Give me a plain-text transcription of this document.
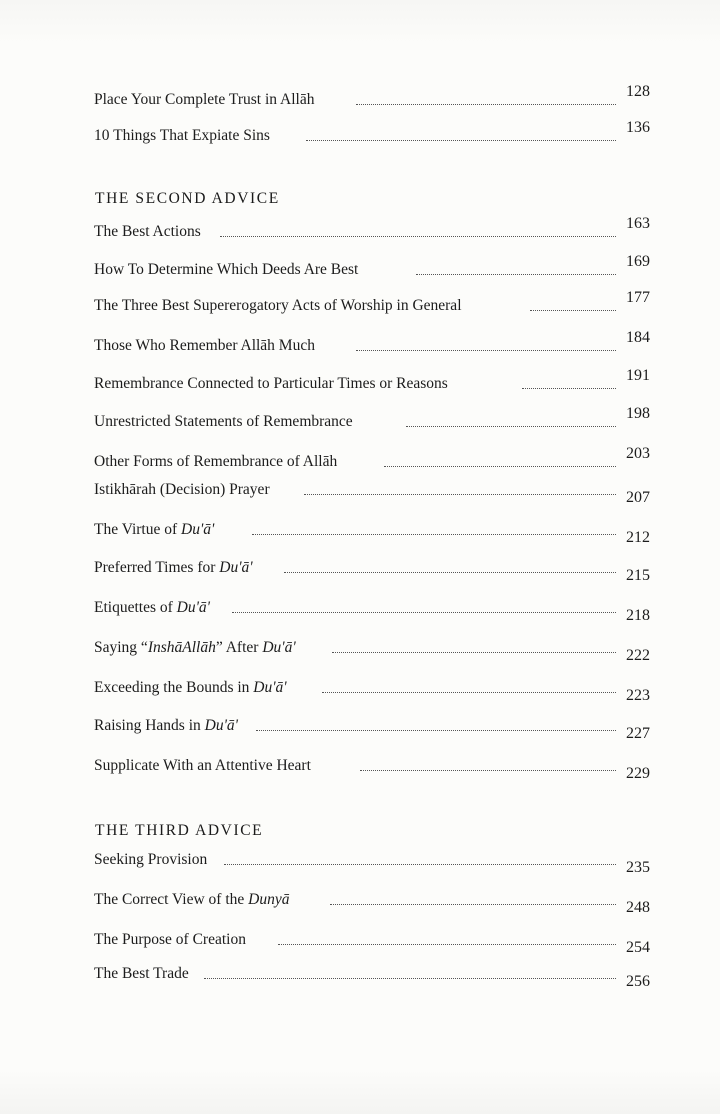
Place Your Complete Trust in Allāh	128
10 Things That Expiate Sins	136
THE SECOND ADVICE
The Best Actions	163
How To Determine Which Deeds Are Best	169
The Three Best Supererogatory Acts of Worship in General	177
Those Who Remember Allāh Much	184
Remembrance Connected to Particular Times or Reasons	191
Unrestricted Statements of Remembrance	198
Other Forms of Remembrance of Allāh	203
Istikhārah (Decision) Prayer	207
The Virtue of Du'ā'	212
Preferred Times for Du'ā'	215
Etiquettes of Du'ā'	218
Saying “InshāAllāh” After Du'ā'	222
Exceeding the Bounds in Du'ā'	223
Raising Hands in Du'ā'	227
Supplicate With an Attentive Heart	229
THE THIRD ADVICE
Seeking Provision	235
The Correct View of the Dunyā	248
The Purpose of Creation	254
The Best Trade	256
